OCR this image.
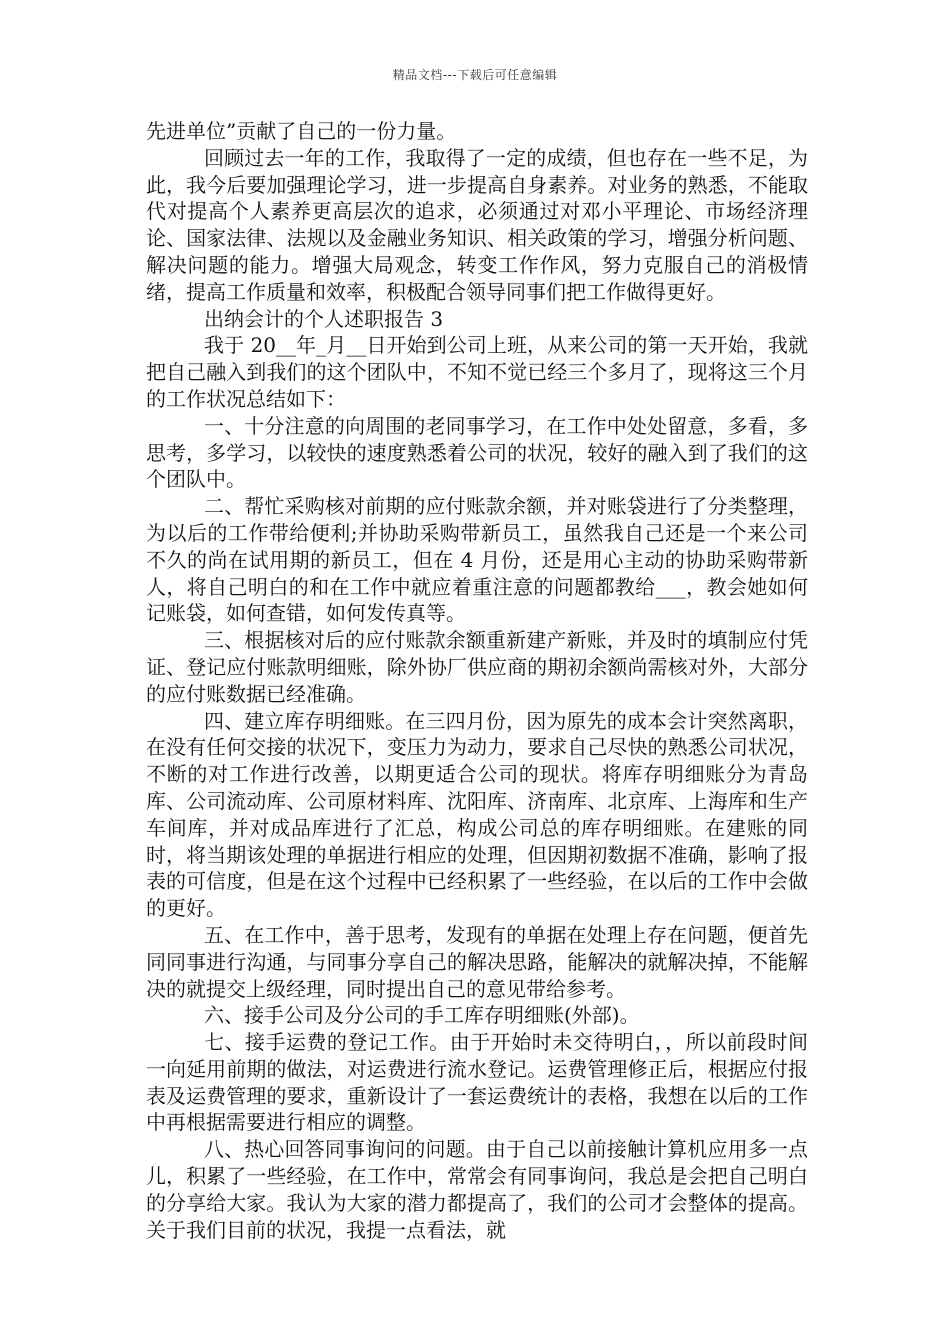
精品文档---下载后可任意编辑

先进单位”贡献了自己的一份力量。

回顾过去一年的工作，我取得了一定的成绩，但也存在一些不足，为此，我今后要加强理论学习，进一步提高自身素养。对业务的熟悉，不能取代对提高个人素养更高层次的追求，必须通过对邓小平理论、市场经济理论、国家法律、法规以及金融业务知识、相关政策的学习，增强分析问题、解决问题的能力。增强大局观念，转变工作作风，努力克服自己的消极情绪，提高工作质量和效率，积极配合领导同事们把工作做得更好。

出纳会计的个人述职报告 3

我于 20__年_月__日开始到公司上班，从来公司的第一天开始，我就把自己融入到我们的这个团队中，不知不觉已经三个多月了，现将这三个月的工作状况总结如下：

一、十分注意的向周围的老同事学习，在工作中处处留意，多看，多思考，多学习，以较快的速度熟悉着公司的状况，较好的融入到了我们的这个团队中。

二、帮忙采购核对前期的应付账款余额，并对账袋进行了分类整理，为以后的工作带给便利;并协助采购带新员工，虽然我自己还是一个来公司不久的尚在试用期的新员工，但在 4 月份，还是用心主动的协助采购带新人，将自己明白的和在工作中就应着重注意的问题都教给___，教会她如何记账袋，如何查错，如何发传真等。

三、根据核对后的应付账款余额重新建产新账，并及时的填制应付凭证、登记应付账款明细账，除外协厂供应商的期初余额尚需核对外，大部分的应付账数据已经准确。

四、建立库存明细账。在三四月份，因为原先的成本会计突然离职，在没有任何交接的状况下，变压力为动力，要求自己尽快的熟悉公司状况，不断的对工作进行改善，以期更适合公司的现状。将库存明细账分为青岛库、公司流动库、公司原材料库、沈阳库、济南库、北京库、上海库和生产车间库，并对成品库进行了汇总，构成公司总的库存明细账。在建账的同时，将当期该处理的单据进行相应的处理，但因期初数据不准确，影响了报表的可信度，但是在这个过程中已经积累了一些经验，在以后的工作中会做的更好。

五、在工作中，善于思考，发现有的单据在处理上存在问题，便首先同同事进行沟通，与同事分享自己的解决思路，能解决的就解决掉，不能解决的就提交上级经理，同时提出自己的意见带给参考。

六、接手公司及分公司的手工库存明细账(外部)。

七、接手运费的登记工作。由于开始时未交待明白，，所以前段时间一向延用前期的做法，对运费进行流水登记。运费管理修正后，根据应付报表及运费管理的要求，重新设计了一套运费统计的表格，我想在以后的工作中再根据需要进行相应的调整。

八、热心回答同事询问的问题。由于自己以前接触计算机应用多一点儿，积累了一些经验，在工作中，常常会有同事询问，我总是会把自己明白的分享给大家。我认为大家的潜力都提高了，我们的公司才会整体的提高。关于我们目前的状况，我提一点看法，就
